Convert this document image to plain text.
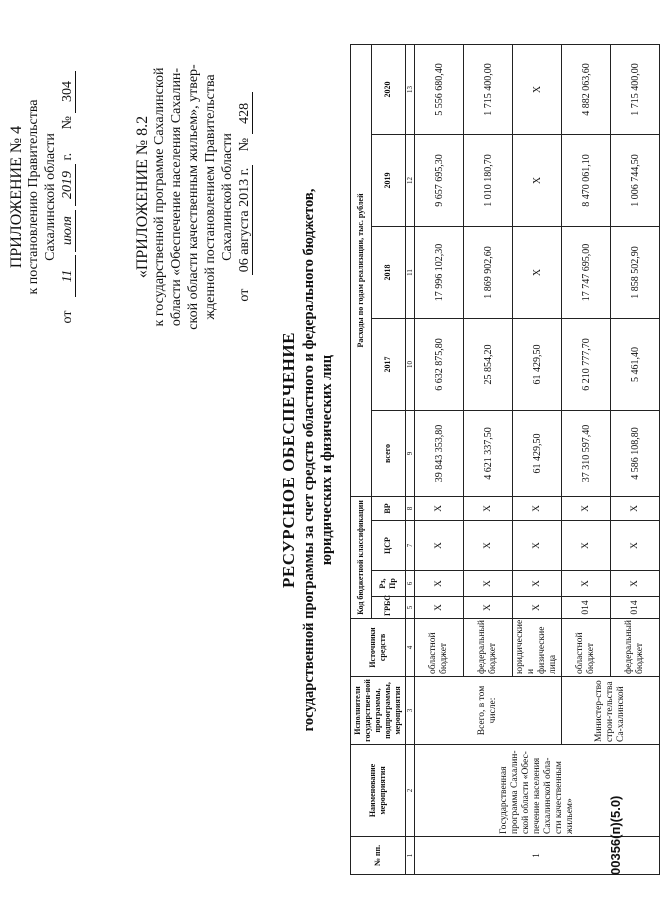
ПРИЛОЖЕНИЕ № 4 к постановлению Правительства Сахалинской области
от 11 июля 2019 г. № 304
«ПРИЛОЖЕНИЕ № 8.2 к государственной программе Сахалинской области «Обеспечение населения Сахалин- ской области качественным жильем», утвер- жденной постановлением Правительства Сахалинской области
от 06 августа 2013 г. № 428
РЕСУРСНОЕ ОБЕСПЕЧЕНИЕ государственной программы за счет средств областного и федерального бюджетов, юридических и физических лиц
№ пп.	Наименование мероприятия	Исполнители государствен-ной программы, подпрограммы, мероприятия	Источники средств	Код бюджетной классификации				Расходы по годам реализации, тыс. рублей				
				ГРБС	Рз, Пр	ЦСР	ВР	всего	2017	2018	2019	2020
1	2	3	4	5	6	7	8	9	10	11	12	13
1	Государственная программа Сахалин-ской области «Обес-печение населения Сахалинской обла-сти качественным жильем»	Всего, в том числе:	областной бюджет	X	X	X	X	39 843 353,80	6 632 875,80	17 996 102,30	9 657 695,30	5 556 680,40
			федеральный бюджет	X	X	X	X	4 621 337,50	25 854,20	1 869 902,60	1 010 180,70	1 715 400,00
			юридические и физические лица	X	X	X	X	61 429,50	61 429,50	X	X	X
		Министер-ство строи-тельства Са-халинской	областной бюджет	014	X	X	X	37 310 597,40	6 210 777,70	17 747 695,00	8 470 061,10	4 882 063,60
			федеральный бюджет	014	X	X	X	4 586 108,80	5 461,40	1 858 502,90	1 006 744,50	1 715 400,00
00356(п)(5.0)
